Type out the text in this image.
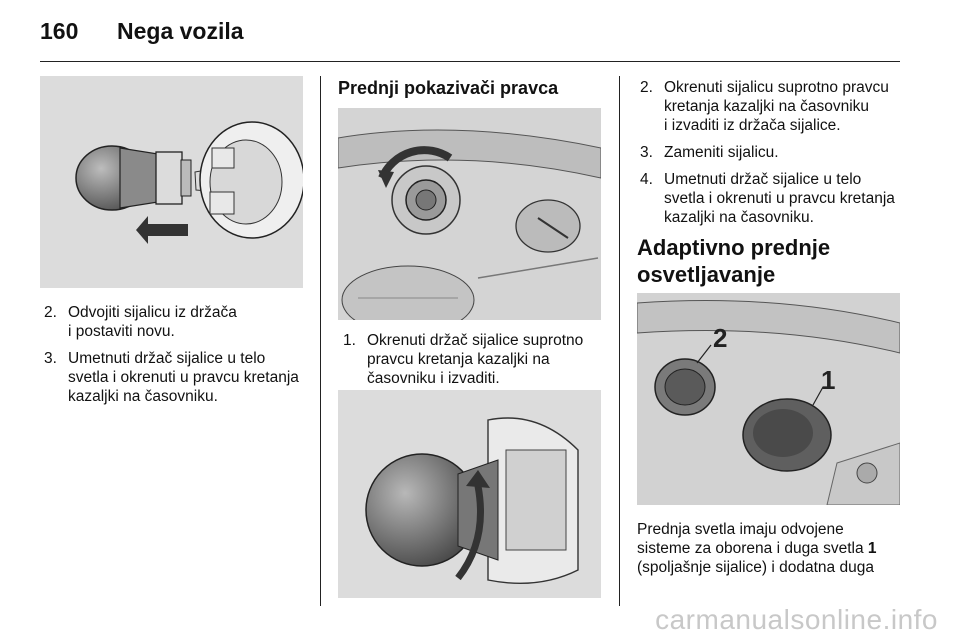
160 Nega vozila
2. Odvojiti sijalicu iz držača
i postaviti novu.
3. Umetnuti držač sijalice u telo
svetla i okrenuti u pravcu kretanja
kazaljki na časovniku.
Prednji pokazivači pravca
1. Okrenuti držač sijalice suprotno
pravcu kretanja kazaljki na
časovniku i izvaditi.
2. Okrenuti sijalicu suprotno pravcu
kretanja kazaljki na časovniku
i izvaditi iz držača sijalice.
3. Zameniti sijalicu.
4. Umetnuti držač sijalice u telo
svetla i okrenuti u pravcu kretanja
kazaljki na časovniku.
Adaptivno prednje
osvetljavanje
2
1

Prednja svetla imaju odvojene
sisteme za oborena i duga svetla 1
(spoljašnje sijalice) i dodatna duga

carmanualsonline.info
